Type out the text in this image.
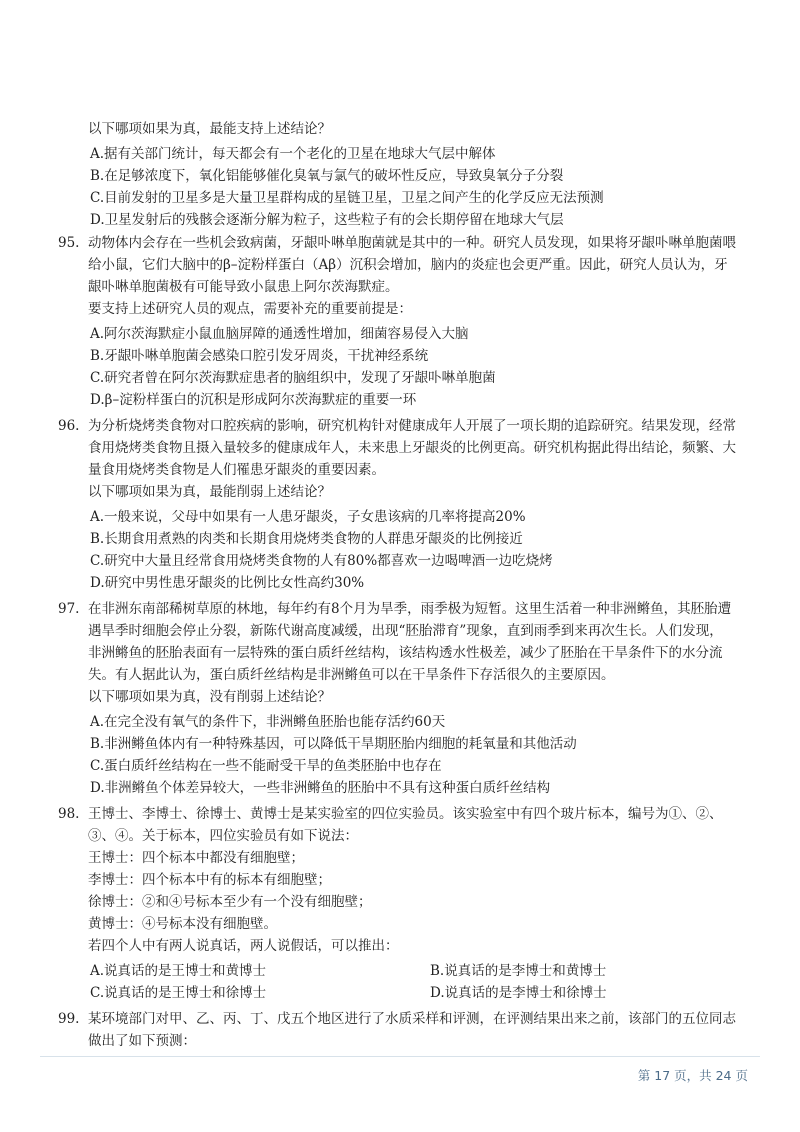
以下哪项如果为真，最能支持上述结论？
A.据有关部门统计，每天都会有一个老化的卫星在地球大气层中解体
B.在足够浓度下，氧化铝能够催化臭氧与氯气的破坏性反应，导致臭氧分子分裂
C.目前发射的卫星多是大量卫星群构成的星链卫星，卫星之间产生的化学反应无法预测
D.卫星发射后的残骸会逐渐分解为粒子，这些粒子有的会长期停留在地球大气层
95. 动物体内会存在一些机会致病菌，牙龈卟啉单胞菌就是其中的一种。研究人员发现，如果将牙龈卟啉单胞菌喂
给小鼠，它们大脑中的β–淀粉样蛋白（Aβ）沉积会增加，脑内的炎症也会更严重。因此，研究人员认为，牙
龈卟啉单胞菌极有可能导致小鼠患上阿尔茨海默症。
要支持上述研究人员的观点，需要补充的重要前提是：
A.阿尔茨海默症小鼠血脑屏障的通透性增加，细菌容易侵入大脑
B.牙龈卟啉单胞菌会感染口腔引发牙周炎，干扰神经系统
C.研究者曾在阿尔茨海默症患者的脑组织中，发现了牙龈卟啉单胞菌
D.β–淀粉样蛋白的沉积是形成阿尔茨海默症的重要一环
96. 为分析烧烤类食物对口腔疾病的影响，研究机构针对健康成年人开展了一项长期的追踪研究。结果发现，经常
食用烧烤类食物且摄入量较多的健康成年人，未来患上牙龈炎的比例更高。研究机构据此得出结论，频繁、大
量食用烧烤类食物是人们罹患牙龈炎的重要因素。
以下哪项如果为真，最能削弱上述结论？
A.一般来说，父母中如果有一人患牙龈炎，子女患该病的几率将提高20%
B.长期食用煮熟的肉类和长期食用烧烤类食物的人群患牙龈炎的比例接近
C.研究中大量且经常食用烧烤类食物的人有80%都喜欢一边喝啤酒一边吃烧烤
D.研究中男性患牙龈炎的比例比女性高约30%
97. 在非洲东南部稀树草原的林地，每年约有8个月为旱季，雨季极为短暂。这里生活着一种非洲鳉鱼，其胚胎遭
遇旱季时细胞会停止分裂，新陈代谢高度减缓，出现“胚胎滞育”现象，直到雨季到来再次生长。人们发现，
非洲鳉鱼的胚胎表面有一层特殊的蛋白质纤丝结构，该结构透水性极差，减少了胚胎在干旱条件下的水分流
失。有人据此认为，蛋白质纤丝结构是非洲鳉鱼可以在干旱条件下存活很久的主要原因。
以下哪项如果为真，没有削弱上述结论？
A.在完全没有氧气的条件下，非洲鳉鱼胚胎也能存活约60天
B.非洲鳉鱼体内有一种特殊基因，可以降低干旱期胚胎内细胞的耗氧量和其他活动
C.蛋白质纤丝结构在一些不能耐受干旱的鱼类胚胎中也存在
D.非洲鳉鱼个体差异较大，一些非洲鳉鱼的胚胎中不具有这种蛋白质纤丝结构
98. 王博士、李博士、徐博士、黄博士是某实验室的四位实验员。该实验室中有四个玻片标本，编号为①、②、
③、④。关于标本，四位实验员有如下说法：
王博士：四个标本中都没有细胞壁；
李博士：四个标本中有的标本有细胞壁；
徐博士：②和④号标本至少有一个没有细胞壁；
黄博士：④号标本没有细胞壁。
若四个人中有两人说真话，两人说假话，可以推出：
A.说真话的是王博士和黄博士	B.说真话的是李博士和黄博士
C.说真话的是王博士和徐博士	D.说真话的是李博士和徐博士
99. 某环境部门对甲、乙、丙、丁、戊五个地区进行了水质采样和评测，在评测结果出来之前，该部门的五位同志
做出了如下预测：
第 17 页，共 24 页
